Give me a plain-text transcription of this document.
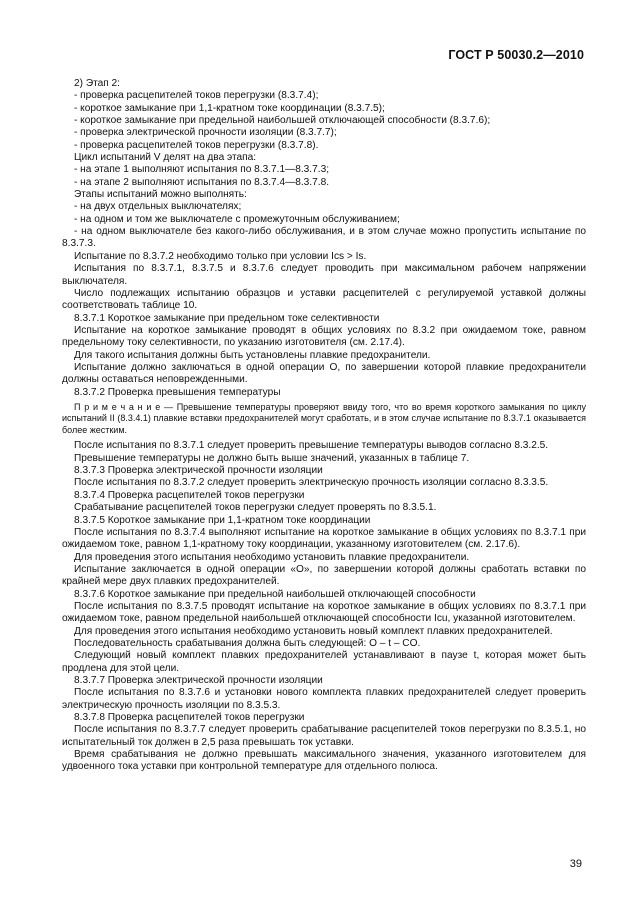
ГОСТ Р 50030.2—2010

2) Этап 2:

- проверка расцепителей токов перегрузки (8.3.7.4);

- короткое замыкание при 1,1-кратном токе координации (8.3.7.5);

- короткое замыкание при предельной наибольшей отключающей способности (8.3.7.6);

- проверка электрической прочности изоляции (8.3.7.7);

- проверка расцепителей токов перегрузки (8.3.7.8).

Цикл испытаний V делят на два этапа:

- на этапе 1 выполняют испытания по 8.3.7.1—8.3.7.3;

- на этапе 2 выполняют испытания по 8.3.7.4—8.3.7.8.

Этапы испытаний можно выполнять:

- на двух отдельных выключателях;

- на одном и том же выключателе с промежуточным обслуживанием;

- на одном выключателе без какого-либо обслуживания, и в этом случае можно пропустить испытание по 8.3.7.3.

Испытание по 8.3.7.2 необходимо только при условии Ics > Is.

Испытания по 8.3.7.1, 8.3.7.5 и 8.3.7.6 следует проводить при максимальном рабочем напряжении выключателя.

Число подлежащих испытанию образцов и уставки расцепителей с регулируемой уставкой должны соответствовать таблице 10.

8.3.7.1 Короткое замыкание при предельном токе селективности

Испытание на короткое замыкание проводят в общих условиях по 8.3.2 при ожидаемом токе, равном предельному току селективности, по указанию изготовителя (см. 2.17.4).

Для такого испытания должны быть установлены плавкие предохранители.

Испытание должно заключаться в одной операции О, по завершении которой плавкие предохранители должны оставаться неповрежденными.

8.3.7.2 Проверка превышения температуры

П р и м е ч а н и е — Превышение температуры проверяют ввиду того, что во время короткого замыкания по циклу испытаний II (8.3.4.1) плавкие вставки предохранителей могут сработать, и в этом случае испытание по 8.3.7.1 оказывается более жестким.

После испытания по 8.3.7.1 следует проверить превышение температуры выводов согласно 8.3.2.5.

Превышение температуры не должно быть выше значений, указанных в таблице 7.

8.3.7.3 Проверка электрической прочности изоляции

После испытания по 8.3.7.2 следует проверить электрическую прочность изоляции согласно 8.3.3.5.

8.3.7.4 Проверка расцепителей токов перегрузки

Срабатывание расцепителей токов перегрузки следует проверять по 8.3.5.1.

8.3.7.5 Короткое замыкание при 1,1-кратном токе координации

После испытания по 8.3.7.4 выполняют испытание на короткое замыкание в общих условиях по 8.3.7.1 при ожидаемом токе, равном 1,1-кратному току координации, указанному изготовителем (см. 2.17.6).

Для проведения этого испытания необходимо установить плавкие предохранители.

Испытание заключается в одной операции «О», по завершении которой должны сработать вставки по крайней мере двух плавких предохранителей.

8.3.7.6 Короткое замыкание при предельной наибольшей отключающей способности

После испытания по 8.3.7.5 проводят испытание на короткое замыкание в общих условиях по 8.3.7.1 при ожидаемом токе, равном предельной наибольшей отключающей способности Icu, указанной изготовителем.

Для проведения этого испытания необходимо установить новый комплект плавких предохранителей.

Последовательность срабатывания должна быть следующей: О – t – CO.

Следующий новый комплект плавких предохранителей устанавливают в паузе t, которая может быть продлена для этой цели.

8.3.7.7 Проверка электрической прочности изоляции

После испытания по 8.3.7.6 и установки нового комплекта плавких предохранителей следует проверить электрическую прочность изоляции по 8.3.5.3.

8.3.7.8 Проверка расцепителей токов перегрузки

После испытания по 8.3.7.7 следует проверить срабатывание расцепителей токов перегрузки по 8.3.5.1, но испытательный ток должен в 2,5 раза превышать ток уставки.

Время срабатывания не должно превышать максимального значения, указанного изготовителем для удвоенного тока уставки при контрольной температуре для отдельного полюса.

39
